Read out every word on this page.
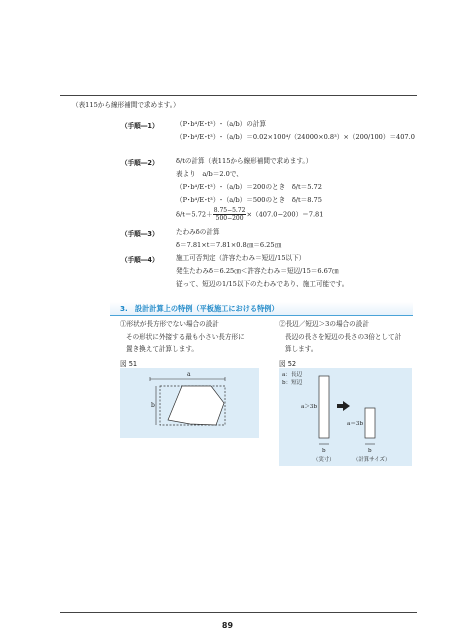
（表115から線形補間で求めます。）
（手順―1）	（P･b⁴/E･t³）･（a/b）の計算
（P･b⁴/E･t³）･（a/b）＝0.02×100⁴/（24000×0.8³）×（200/100）＝407.0
（手順―2）	δ/tの計算（表115から線形補間で求めます。）
表より　a/b＝2.0で、
（P･b⁴/E･t³）･（a/b）＝200のとき　δ/t＝5.72
（P･b⁴/E･t³）･（a/b）＝500のとき　δ/t＝8.75
$\delta/t=5.72+ \frac{8.75-5.72}{500-200} \times(407.0-200)=7.81$
（手順―3）	たわみδの計算
δ＝7.81×t＝7.81×0.8㎝＝6.25㎝
（手順―4）	施工可否判定（許容たわみ＝短辺/15以下）
発生たわみδ＝6.25㎝＜許容たわみ＝短辺/15＝6.67㎝
従って、短辺の1/15以下のたわみであり、施工可能です。
3.　設計計算上の特例（平板施工における特例）
①形状が長方形でない場合の設計
その形状に外接する最も小さい長方形に
置き換えて計算します。
図 51
a
b
②長辺／短辺＞3の場合の設計
長辺の長さを短辺の長さの3倍として計
算します。
図 52
a：長辺
b：短辺
a＞3b
a＝3b
b	b
（実寸）	（計算サイズ）
89
